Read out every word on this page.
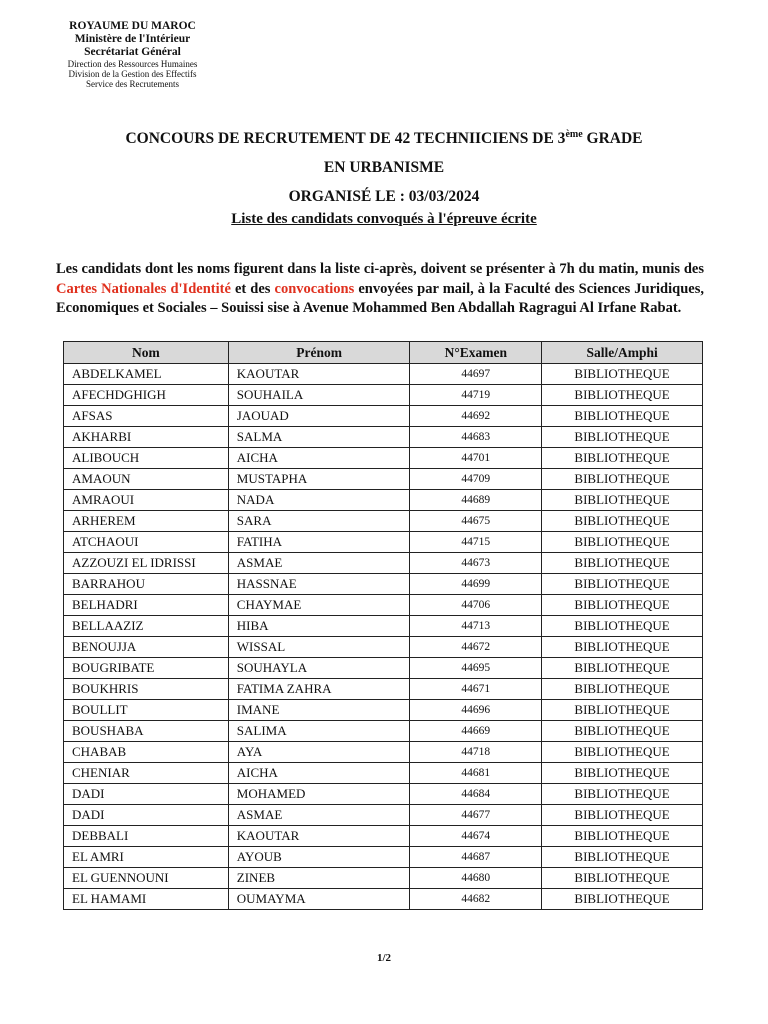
ROYAUME DU MAROC
Ministère de l'Intérieur
Secrétariat Général
Direction des Ressources Humaines
Division de la Gestion des Effectifs
Service des Recrutements
CONCOURS DE RECRUTEMENT DE 42 TECHNIICIENS DE 3ème GRADE
EN URBANISME
ORGANISÉ LE : 03/03/2024
Liste des candidats convoqués à l'épreuve écrite
Les candidats dont les noms figurent dans la liste ci-après, doivent se présenter à 7h du matin, munis des Cartes Nationales d'Identité et des convocations envoyées par mail, à la Faculté des Sciences Juridiques, Economiques et Sociales – Souissi sise à Avenue Mohammed Ben Abdallah Ragragui Al Irfane Rabat.
Nom	Prénom	N°Examen	Salle/Amphi
ABDELKAMEL	KAOUTAR	44697	BIBLIOTHEQUE
AFECHDGHIGH	SOUHAILA	44719	BIBLIOTHEQUE
AFSAS	JAOUAD	44692	BIBLIOTHEQUE
AKHARBI	SALMA	44683	BIBLIOTHEQUE
ALIBOUCH	AICHA	44701	BIBLIOTHEQUE
AMAOUN	MUSTAPHA	44709	BIBLIOTHEQUE
AMRAOUI	NADA	44689	BIBLIOTHEQUE
ARHEREM	SARA	44675	BIBLIOTHEQUE
ATCHAOUI	FATIHA	44715	BIBLIOTHEQUE
AZZOUZI EL IDRISSI	ASMAE	44673	BIBLIOTHEQUE
BARRAHOU	HASSNAE	44699	BIBLIOTHEQUE
BELHADRI	CHAYMAE	44706	BIBLIOTHEQUE
BELLAAZIZ	HIBA	44713	BIBLIOTHEQUE
BENOUJJA	WISSAL	44672	BIBLIOTHEQUE
BOUGRIBATE	SOUHAYLA	44695	BIBLIOTHEQUE
BOUKHRIS	FATIMA ZAHRA	44671	BIBLIOTHEQUE
BOULLIT	IMANE	44696	BIBLIOTHEQUE
BOUSHABA	SALIMA	44669	BIBLIOTHEQUE
CHABAB	AYA	44718	BIBLIOTHEQUE
CHENIAR	AICHA	44681	BIBLIOTHEQUE
DADI	MOHAMED	44684	BIBLIOTHEQUE
DADI	ASMAE	44677	BIBLIOTHEQUE
DEBBALI	KAOUTAR	44674	BIBLIOTHEQUE
EL AMRI	AYOUB	44687	BIBLIOTHEQUE
EL GUENNOUNI	ZINEB	44680	BIBLIOTHEQUE
EL HAMAMI	OUMAYMA	44682	BIBLIOTHEQUE
1/2
